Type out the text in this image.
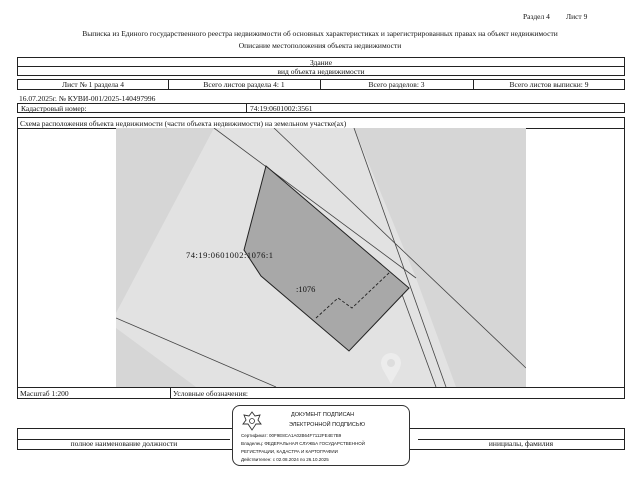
Раздел 4 Лист 9
Выписка из Единого государственного реестра недвижимости об основных характеристиках и зарегистрированных правах на объект недвижимости
Описание местоположения объекта недвижимости
Здание
вид объекта недвижимости
Лист № 1 раздела 4	Всего листов раздела 4: 1	Всего разделов: 3	Всего листов выписки: 9
16.07.2025г. № КУВИ-001/2025-140497996
Кадастровый номер:	74:19:0601002:3561
Схема расположения объекта недвижимости (части объекта недвижимости) на земельном участке(ах)
74:19:0601002:1076:1
:1076
Масштаб 1:200	Условные обозначения:
полное наименование должности	инициалы, фамилия
ДОКУМЕНТ ПОДПИСАН
ЭЛЕКТРОННОЙ ПОДПИСЬЮ
Сертификат: 00F9E8CA1A02B64F7112FE4E7B9
Владелец: ФЕДЕРАЛЬНАЯ СЛУЖБА ГОСУДАРСТВЕННОЙ
РЕГИСТРАЦИИ, КАДАСТРА И КАРТОГРАФИИ
Действителен: с 02.08.2024 по 26.10.2025
